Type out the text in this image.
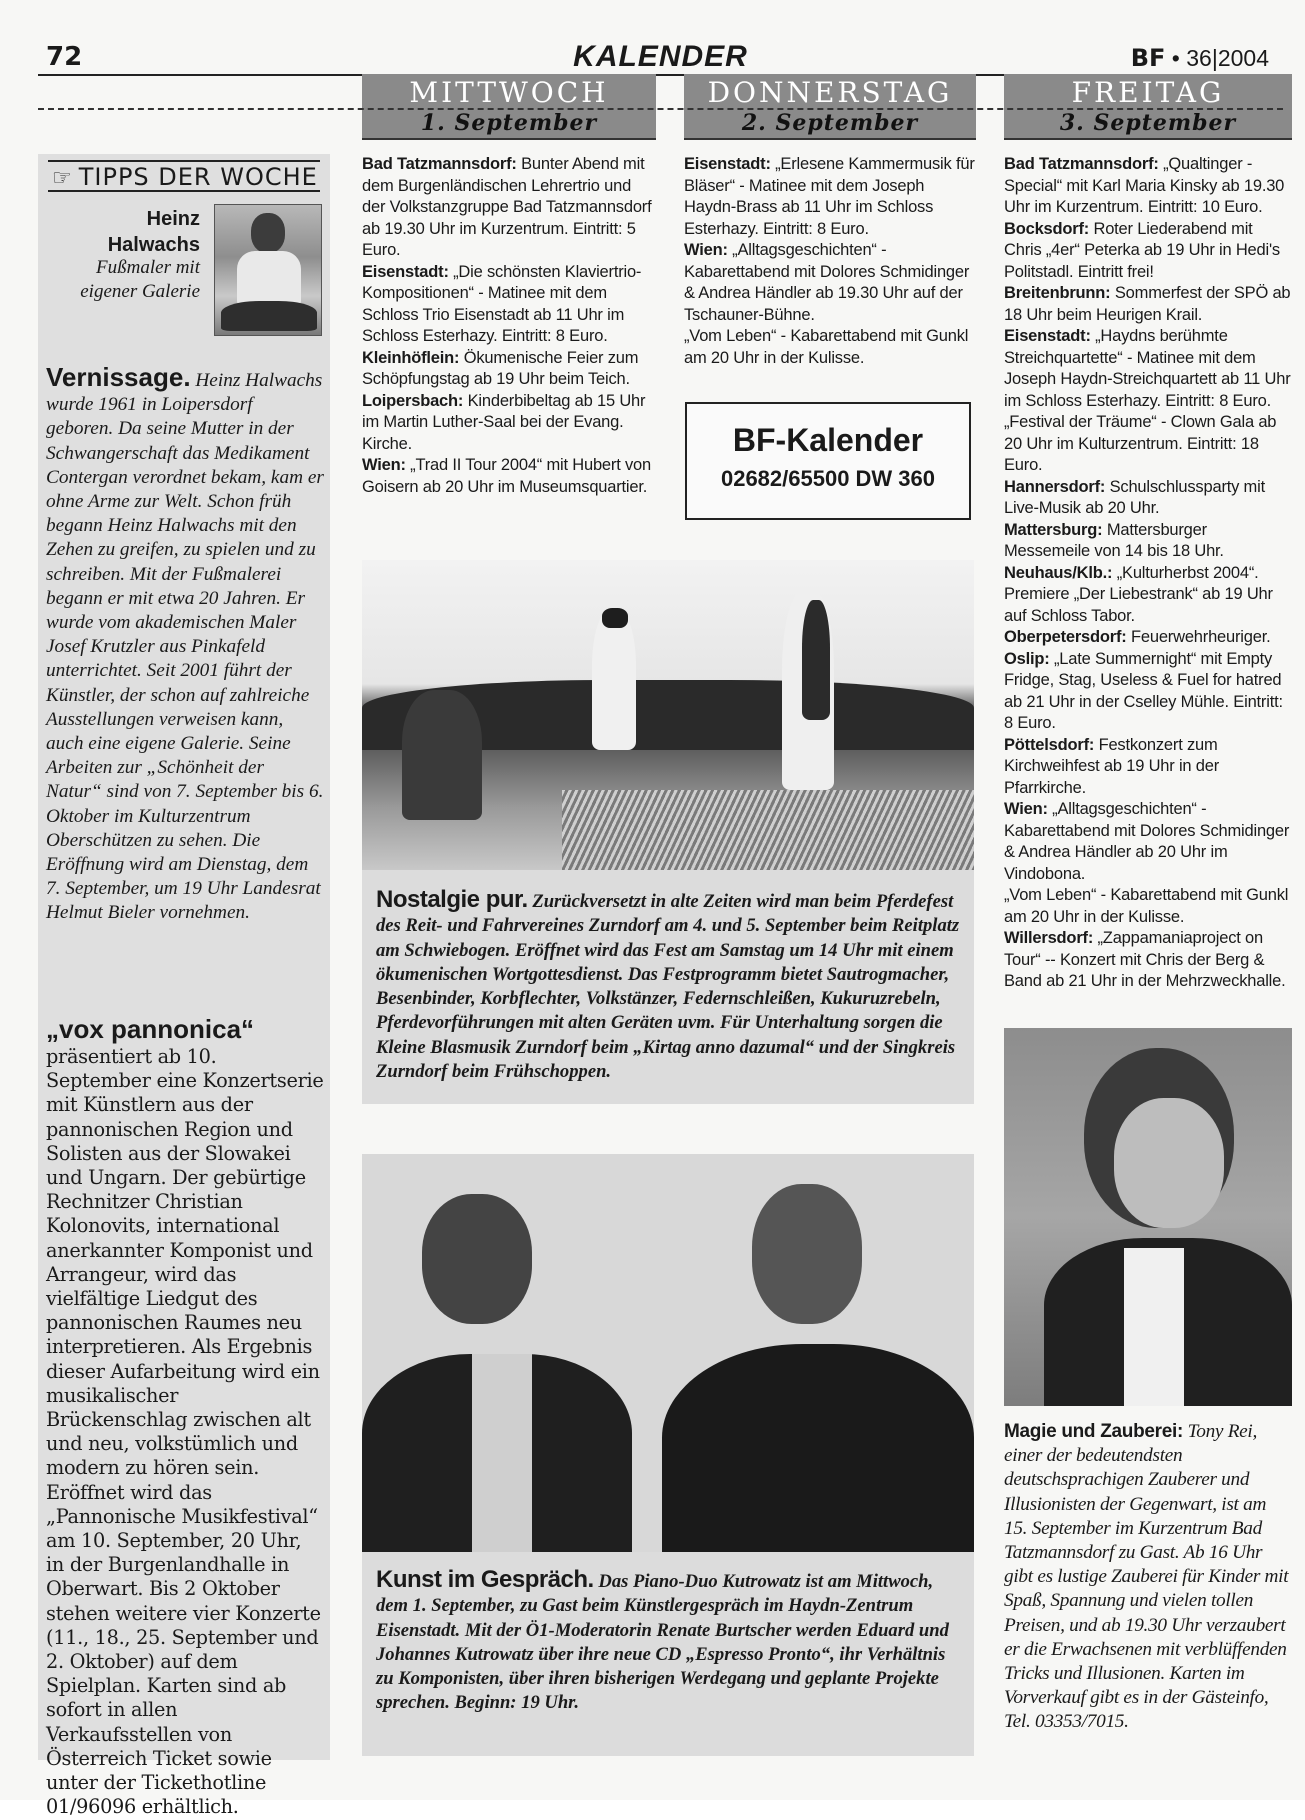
72	KALENDER	BF • 36|2004
MITTWOCH
1. September
DONNERSTAG
2. September
FREITAG
3. September
☞ TIPPS DER WOCHE
Heinz Halwachs
Fußmaler mit eigener Galerie
Vernissage. Heinz Halwachs wurde 1961 in Loipersdorf geboren. Da seine Mutter in der Schwangerschaft das Medikament Contergan verordnet bekam, kam er ohne Arme zur Welt. Schon früh begann Heinz Halwachs mit den Zehen zu greifen, zu spielen und zu schreiben. Mit der Fußmalerei begann er mit etwa 20 Jahren. Er wurde vom akademischen Maler Josef Krutzler aus Pinkafeld unterrichtet. Seit 2001 führt der Künstler, der schon auf zahlreiche Ausstellungen verweisen kann, auch eine eigene Galerie. Seine Arbeiten zur „Schönheit der Natur“ sind von 7. September bis 6. Oktober im Kulturzentrum Oberschützen zu sehen. Die Eröffnung wird am Dienstag, dem 7. September, um 19 Uhr Landesrat Helmut Bieler vornehmen.
„vox pannonica“ präsentiert ab 10. September eine Konzertserie mit Künstlern aus der pannonischen Region und Solisten aus der Slowakei und Ungarn. Der gebürtige Rechnitzer Christian Kolonovits, international anerkannter Komponist und Arrangeur, wird das vielfältige Liedgut des pannonischen Raumes neu interpretieren. Als Ergebnis dieser Aufarbeitung wird ein musikalischer Brückenschlag zwischen alt und neu, volkstümlich und modern zu hören sein. Eröffnet wird das „Pannonische Musikfestival“ am 10. September, 20 Uhr, in der Burgenlandhalle in Oberwart. Bis 2 Oktober stehen weitere vier Konzerte (11., 18., 25. September und 2. Oktober) auf dem Spielplan. Karten sind ab sofort in allen Verkaufsstellen von Österreich Ticket sowie unter der Tickethotline 01/96096 erhältlich.
Bad Tatzmannsdorf: Bunter Abend mit dem Burgenländischen Lehrertrio und der Volkstanzgruppe Bad Tatzmannsdorf ab 19.30 Uhr im Kurzentrum. Eintritt: 5 Euro.
Eisenstadt: „Die schönsten Klaviertrio-Kompositionen“ - Matinee mit dem Schloss Trio Eisenstadt ab 11 Uhr im Schloss Esterhazy. Eintritt: 8 Euro.
Kleinhöflein: Ökumenische Feier zum Schöpfungstag ab 19 Uhr beim Teich.
Loipersbach: Kinderbibeltag ab 15 Uhr im Martin Luther-Saal bei der Evang. Kirche.
Wien: „Trad II Tour 2004“ mit Hubert von Goisern ab 20 Uhr im Museumsquartier.
Eisenstadt: „Erlesene Kammermusik für Bläser“ - Matinee mit dem Joseph Haydn-Brass ab 11 Uhr im Schloss Esterhazy. Eintritt: 8 Euro.
Wien: „Alltagsgeschichten“ - Kabarettabend mit Dolores Schmidinger & Andrea Händler ab 19.30 Uhr auf der Tschauner-Bühne.
„Vom Leben“ - Kabarettabend mit Gunkl am 20 Uhr in der Kulisse.
BF-Kalender
02682/65500 DW 360
Bad Tatzmannsdorf: „Qualtinger - Special“ mit Karl Maria Kinsky ab 19.30 Uhr im Kurzentrum. Eintritt: 10 Euro.
Bocksdorf: Roter Liederabend mit Chris „4er“ Peterka ab 19 Uhr in Hedi's Politstadl. Eintritt frei!
Breitenbrunn: Sommerfest der SPÖ ab 18 Uhr beim Heurigen Krail.
Eisenstadt: „Haydns berühmte Streichquartette“ - Matinee mit dem Joseph Haydn-Streichquartett ab 11 Uhr im Schloss Esterhazy. Eintritt: 8 Euro.
„Festival der Träume“ - Clown Gala ab 20 Uhr im Kulturzentrum. Eintritt: 18 Euro.
Hannersdorf: Schulschlussparty mit Live-Musik ab 20 Uhr.
Mattersburg: Mattersburger Messemeile von 14 bis 18 Uhr.
Neuhaus/Klb.: „Kulturherbst 2004“. Premiere „Der Liebestrank“ ab 19 Uhr auf Schloss Tabor.
Oberpetersdorf: Feuerwehrheuriger.
Oslip: „Late Summernight“ mit Empty Fridge, Stag, Useless & Fuel for hatred ab 21 Uhr in der Cselley Mühle. Eintritt: 8 Euro.
Pöttelsdorf: Festkonzert zum Kirchweihfest ab 19 Uhr in der Pfarrkirche.
Wien: „Alltagsgeschichten“ - Kabarettabend mit Dolores Schmidinger & Andrea Händler ab 20 Uhr im Vindobona.
„Vom Leben“ - Kabarettabend mit Gunkl am 20 Uhr in der Kulisse.
Willersdorf: „Zappamaniaproject on Tour“ -- Konzert mit Chris der Berg & Band ab 21 Uhr in der Mehrzweckhalle.
Nostalgie pur. Zurückversetzt in alte Zeiten wird man beim Pferdefest des Reit- und Fahrvereines Zurndorf am 4. und 5. September beim Reitplatz am Schwiebogen. Eröffnet wird das Fest am Samstag um 14 Uhr mit einem ökumenischen Wortgottesdienst. Das Festprogramm bietet Sautrogmacher, Besenbinder, Korbflechter, Volkstänzer, Federnschleißen, Kukuruzrebeln, Pferdevorführungen mit alten Geräten uvm. Für Unterhaltung sorgen die Kleine Blasmusik Zurndorf beim „Kirtag anno dazumal“ und der Singkreis Zurndorf beim Frühschoppen.
Kunst im Gespräch. Das Piano-Duo Kutrowatz ist am Mittwoch, dem 1. September, zu Gast beim Künstlergespräch im Haydn-Zentrum Eisenstadt. Mit der Ö1-Moderatorin Renate Burtscher werden Eduard und Johannes Kutrowatz über ihre neue CD „Espresso Pronto“, ihr Verhältnis zu Komponisten, über ihren bisherigen Werdegang und geplante Projekte sprechen. Beginn: 19 Uhr.
Magie und Zauberei: Tony Rei, einer der bedeutendsten deutschsprachigen Zauberer und Illusionisten der Gegenwart, ist am 15. September im Kurzentrum Bad Tatzmannsdorf zu Gast. Ab 16 Uhr gibt es lustige Zauberei für Kinder mit Spaß, Spannung und vielen tollen Preisen, und ab 19.30 Uhr verzaubert er die Erwachsenen mit verblüffenden Tricks und Illusionen. Karten im Vorverkauf gibt es in der Gästeinfo, Tel. 03353/7015.
